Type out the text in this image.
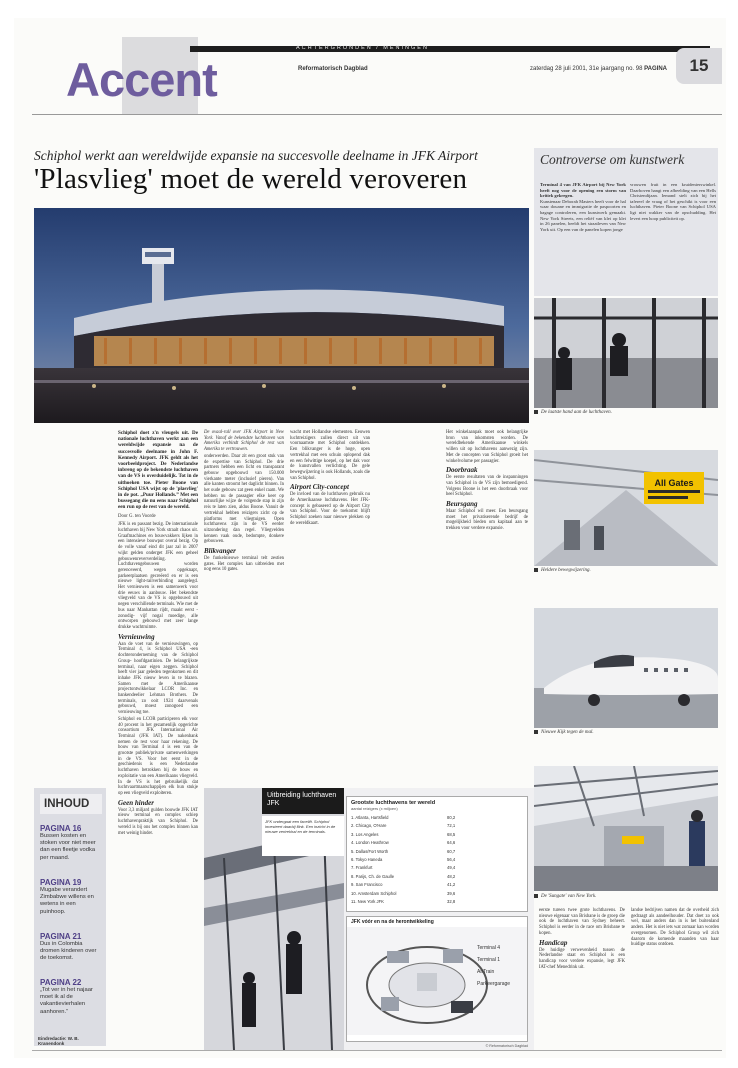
ACHTERGRONDEN / MENINGEN
Accent	Reformatorisch Dagblad	zaterdag 28 juli 2001, 31e jaargang no. 98 PAGINA	15
Schiphol werkt aan wereldwijde expansie na succesvolle deelname in JFK Airport
'Plasvlieg' moet de wereld veroveren
Controverse om kunstwerk
Terminal 4 van JFK Airport bij New York heeft nog voor de opening een storm van kritiek gekregen.
Kunstenaar Deborah Masters heeft voor de hal waar douane en immigratie de paspoorten en bagage controleren, een kunstwerk gemaakt. New York Streets, een reliëf van klei op klei in 26 panelen, beeldt het straatleven van New York uit. Op een van de panelen kopen jonge
vrouwen fruit in een kruidenierswinkel. Daarboven hangt een afbeelding van een Hells Christendijaan. Iemand stelt zich bij het tafereel de vraag of het geschikt is voor een luchthaven. Pieter Boone van Schiphol USA ligt niet wakker van de opschudding. Het levert een hoop publiciteit op.
De laatste hand aan de luchthaven.
All Gates
Heldere bewegwijzering.
Nieuwe Kijk tegen de mal.
De 'Sungate' van New York.
Schiphol doet z'n vleugels uit. De nationale luchthaven werkt aan een wereldwijde expansie na de succesvolle deelname in John F. Kennedy Airport. JFK geldt als het voorbeeldproject. De Nederlandse inbreng op de bekendste luchthaven van de VS is overduidelijk. Tot in de uithoeken toe. Pieter Boone van Schiphol USA wijst op de 'plasvlieg' in de pot. „Puur Hollands.” Met een bussegang die nu eens naar Schiphol een run op de rest van de wereld.
Door G. ten Voorde
JFK is en passant bezig. De internationale luchthaven bij New York straalt chaos uit. Graafmachines en bouwvakkers lijken in een intensieve bouwput overal bezig. Op de volle vanaf eind dit jaar zal in 2007 wijkt gelden onderget JFK een geheel gebouwenreververdeling. Luchthavengebouwen worden gerenoveerd, wegen opgeknapt, parkeerplaatsen gecreëerd en er is een nieuwe light-railverbinding aangelegd. Het vernieuwen is een samenwerk voor drie eeuws in aanbouw. Het bekendste vliegveld van de VS is opgebouwd uit negen verschillende terminals. Wie met de bus naar Manhattan rijdt, maakt eerst -zonodig- vijf nogal moedige, alle ontworpen gebouwd met zeer lange drukke wachtruimte.
Vernieuwing
Aan de voet van de vernieuwingen, op Terminal 4, is Schiphol USA -een dochteronderneming van de Schiphol Group- hoofdgastinien. De belangrijkste terminal, naar eigen zeggen. Schiphol heeft vier jaar geleden tegenkomen en dit inhake JFK nieuw leven in te blazen. Samen met de Amerikaanse projectontwikkelaar LCOR Inc. en bankendeelier Lehman Brothers. De terminals, zo ooit 1924 daarvenals gebouwd, moest zonogoed een vernieuwing toe.
Schiphol en LCOR participeren elk voor 40 procent in het gezamenlijk opgerichte consortium JFK International Air Terminal (JFK IAT). De nakenbank nemen de rest voor haar rekening. De bouw van Terminal 4 is een van de grootste publiek/private samenwerkingen in de VS. Voor het eerst in de geschiedenis is een Nederlandse luchthaven betrokken bij de bouw en exploitatie van een Amerikaans vliegveld. In de VS is het gebruikelijk dat luchtvaartmaatschappijen elk hun stukje op een vliegveld exploiteren.
Geen hinder
Voor 3,3 miljard gulden bouwde JFK IAT nieuw terminal en complex schiep luchthavenpraktijk van Schiphol. De wereld is bij ons het complex binnen kan met weinig hinder.
De ovaal-rall over JFK Airport in New York. Vanaf de bekendste luchthaven van Amerika verbindt Schiphol de rest van Amerika te vertrouwen.
onderwerden. Daar zit een groot stuk van de expertise van Schiphol. De drie partners hebben een licht en transparant gebouw opgebouwd van 150.000 vierkante meter (inclusief pieren). Van alle kanten stroomt het daglicht binnen. In het oude gebouw zat geen enkel raam. We hebben nu de passagier elke keer op natuurlijke wijze de volgende stap in zijn reis te laten zien, aldus Boone. Vanuit de vertrekhal hebben reizigers zicht op de platforms met vliegtuigen. Open luchthavens zijn in de VS eerder uitzondering dan regel. Vliegvelden kennen vaak oude, bedompte, donkere gebouwen.
Blikvanger
De funkelnieuwe terminal telt zestien gates. Het complex kan uitbreiden met nog eens 10 gates.
wacht met Hollandse elementen. Eeuwen luchtreizigers zullen direct uit van voornaamste met Schiphol ontdekken. Een blikvanger is de hoge, open vertrekhal met een schuin oplopend dak en een felwittige koepel, op het dak voor de kunstvallen verlichting. De gele bewegwijzering is ook Hollands, zoals die van Schiphol.
Airport City-concept
De invloed van de luchthaven gebruik nu de Amerikaanse luchthavens. Het JFK-concept is gebaseerd op de Airport City van Schiphol. Voor de toekomst blijft Schiphol zoeken naar nieuwe plekken op de wereldkaart.
Het winkelaanpak moet ook belangrijke bron van inkomsten worden. De wereldbekende Amerikaanse winkels willen uit op luchthavens aanwezig zijn. Met de concepten van Schiphol groeit het winkelvolume per passagier.
Doorbraak
De eerste resultaten van de inspanningen van Schiphol in de VS zijn bemoedigend. Volgens Boone is het een doorbraak voor heel Schiphol.
Beursgang
Maar Schiphol wil meer. Een beursgang moet het privatiserende bedrijf de mogelijkheid bieden om kapitaal aan te trekken voor verdere expansie.
eerste tureen twee grote luchthavens. De nieuwe eigenaar van Brisbane is de groep die ook de luchthaven van Sydney beheert. Schiphol is eerder in de race om Brisbane te kopen.
Handicap
De huidige verwevenheid tussen de Nederlandse staat en Schiphol is een handicap voor verdere expansie, legt JFK IAT-chef Menedrink uit.
landse bedrijven namen dat de overheid zich gedraagt als aandeelhouder. Dat doet zo ook wel, maar anders dan in is het buitenland anders. Het is niet iets wat zomaar kan worden overgenomen. De Schiphol Group wil zich daarom de komende maanden van haar huidige status ontdoen.
INHOUD
PAGINA 16
Bussen kosten en stoken voor niet meer dan een fleetje vodka per maand.
PAGINA 19
Mugabe verandert Zimbabwe willens en wetens in een puinhoop.
PAGINA 21
Dus in Colombia dromen kinderen over de toekomst.
PAGINA 22
„Tot ver in het najaar moet ik al de vakantievierhalen aanhoren.”
Eindredactie: W. B. Kranendonk
Uitbreiding luchthaven JFK
JFK ondergaat een facelift. Schiphol investeert daarbij flink. Een inzicht in de nieuwe vertrekhal en de terminals.
Grootste luchthavens ter wereld
aantal reizigers (x miljoen)
1. Atlanta, Hartsfield	80,2
2. Chicago, O'Hare	72,1
3. Los Angeles	68,5
4. London Heathrow	64,6
5. Dallas/Fort Worth	60,7
6. Tokyo Haneda	56,4
7. Frankfurt	49,4
8. Parijs, Ch. de Gaulle	48,2
9. San Francisco	41,2
10. Amsterdam Schiphol	39,6
11. New York JFK	32,8
JFK vóór en na de herontwikkeling
Terminal 4
Terminal 1
AirTrain
Parkeergarage
© Reformatorisch Dagblad
